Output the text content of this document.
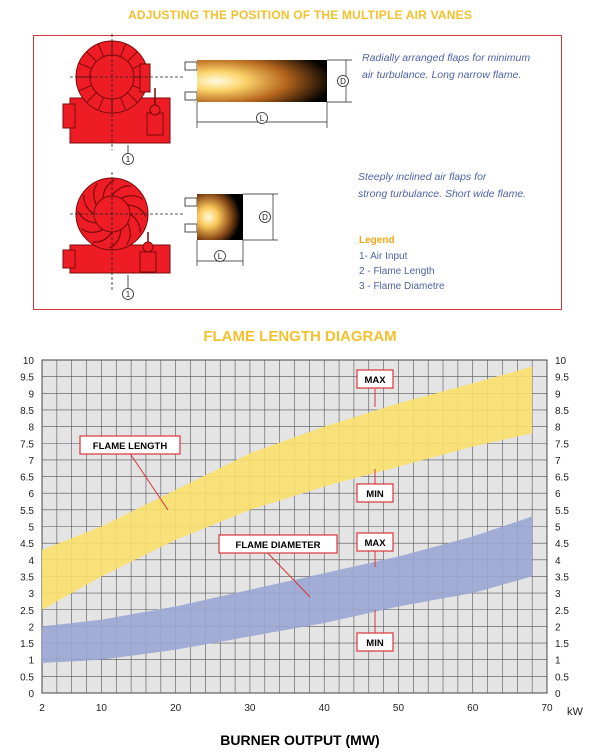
ADJUSTING THE POSITION OF THE MULTIPLE AIR VANES
1
L
D
1
L
D
Radially arranged flaps for minimum
air turbulance. Long narrow flame.
Steeply inclined air flaps for
strong turbulance. Short wide flame.
Legend
1- Air Input
2 - Flame Length
3 - Flame Diametre
FLAME LENGTH DIAGRAM
0	0
0.5	0.5
1	1
1.5	1.5
2	2
2.5	2.5
3	3
3.5	3.5
4	4
4.5	4.5
5	5
5.5	5.5
6	6
6.5	6.5
7	7
7.5	7.5
8	8
8.5	8.5
9	9
9.5	9.5
10	10
2	10	20	30	40	50	60	70
FLAME LENGTH
FLAME DIAMETER
MAX
MIN
MAX
MIN
kW
BURNER OUTPUT (MW)
